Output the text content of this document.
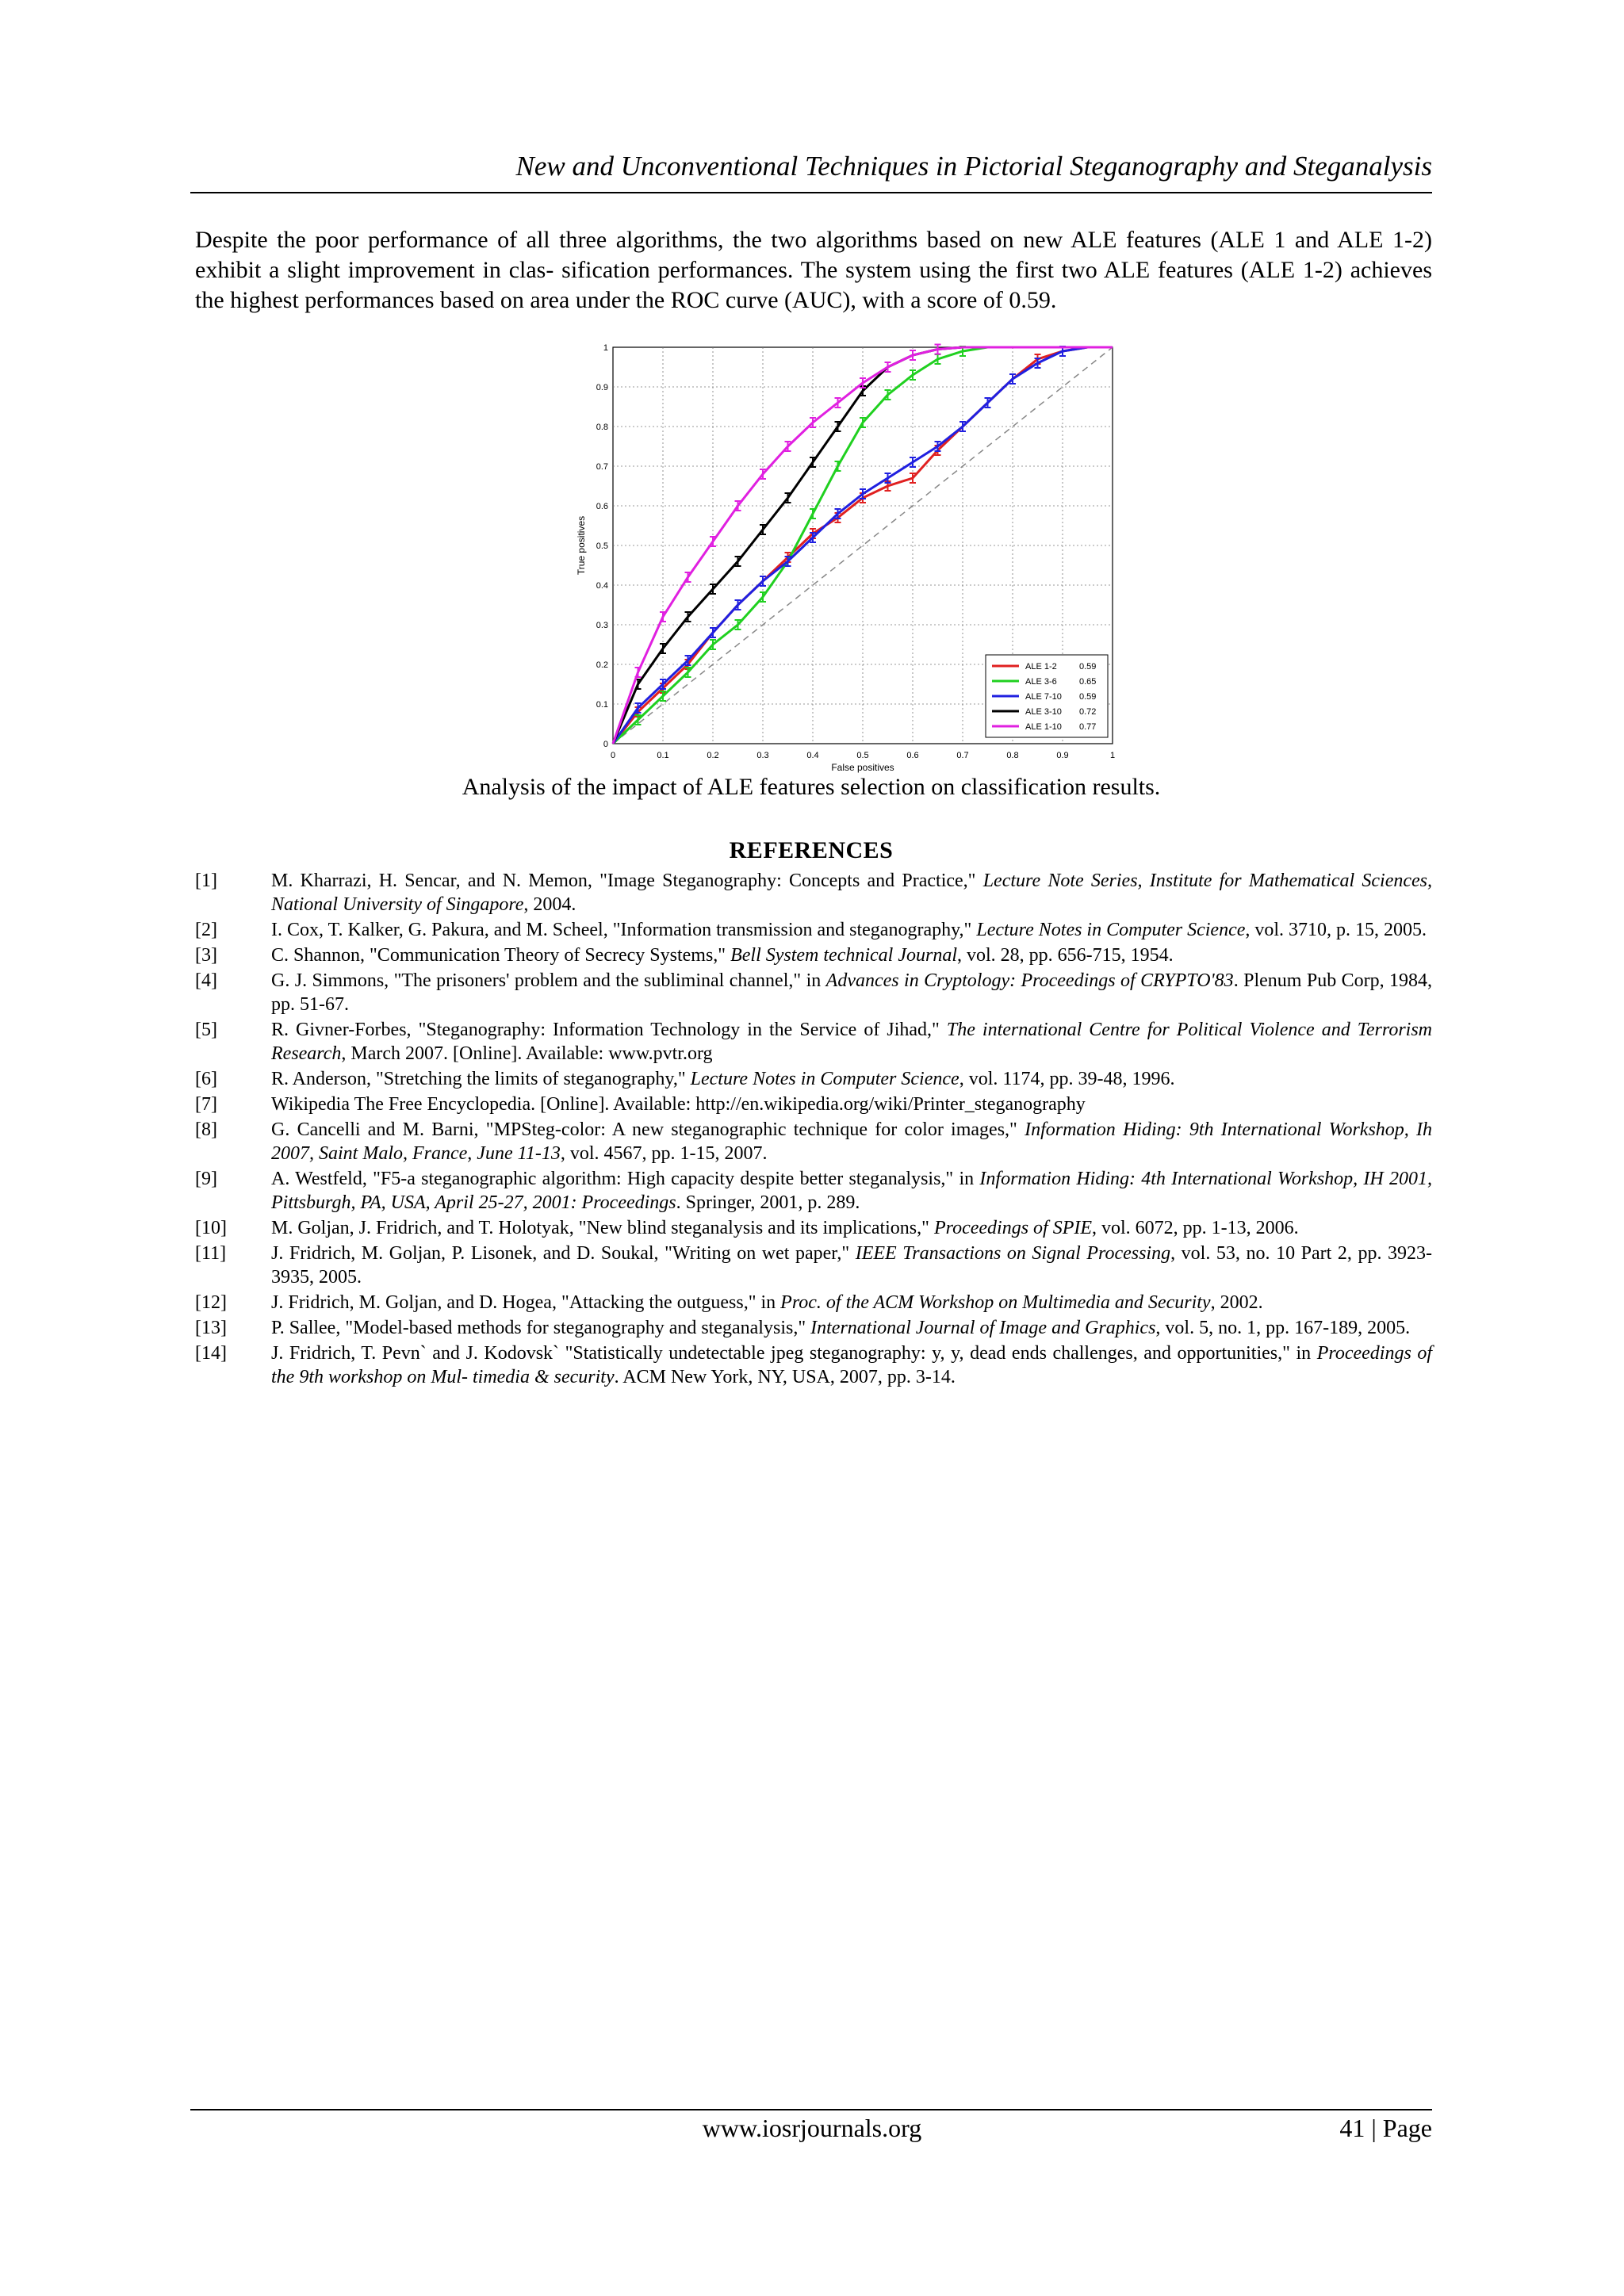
New and Unconventional Techniques in Pictorial Steganography and Steganalysis
Despite the poor performance of all three algorithms, the two algorithms based on new ALE features (ALE 1 and ALE 1-2) exhibit a slight improvement in clas- sification performances. The system using the first two ALE features (ALE 1-2) achieves the highest performances based on area under the ROC curve (AUC), with a score of 0.59.
0	0.1	0.2	0.3	0.4	0.5	0.6	0.7	0.8	0.9	1
0
0.1
0.2
0.3
0.4
0.5
0.6
0.7
0.8
0.9
1
False positives
True positives
ALE 1-2	0.59
ALE 3-6	0.65
ALE 7-10 0.59
ALE 3-10 0.72
ALE 1-10 0.77
Analysis of the impact of ALE features selection on classification results.
REFERENCES
[1]	M. Kharrazi, H. Sencar, and N. Memon, "Image Steganography: Concepts and Practice," Lecture Note Series, Institute for Mathematical Sciences, National University of Singapore, 2004.
[2]	I. Cox, T. Kalker, G. Pakura, and M. Scheel, "Information transmission and steganography," Lecture Notes in Computer Science, vol. 3710, p. 15, 2005.
[3]	C. Shannon, "Communication Theory of Secrecy Systems," Bell System technical Journal, vol. 28, pp. 656-715, 1954.
[4]	G. J. Simmons, "The prisoners' problem and the subliminal channel," in Advances in Cryptology: Proceedings of CRYPTO'83. Plenum Pub Corp, 1984, pp. 51-67.
[5]	R. Givner-Forbes, "Steganography: Information Technology in the Service of Jihad," The international Centre for Political Violence and Terrorism Research, March 2007. [Online]. Available: www.pvtr.org
[6]	R. Anderson, "Stretching the limits of steganography," Lecture Notes in Computer Science, vol. 1174, pp. 39-48, 1996.
[7]	Wikipedia The Free Encyclopedia. [Online]. Available: http://en.wikipedia.org/wiki/Printer_steganography
[8]	G. Cancelli and M. Barni, "MPSteg-color: A new steganographic technique for color images," Information Hiding: 9th International Workshop, Ih 2007, Saint Malo, France, June 11-13, vol. 4567, pp. 1-15, 2007.
[9]	A. Westfeld, "F5-a steganographic algorithm: High capacity despite better steganalysis," in Information Hiding: 4th International Workshop, IH 2001, Pittsburgh, PA, USA, April 25-27, 2001: Proceedings. Springer, 2001, p. 289.
[10]	M. Goljan, J. Fridrich, and T. Holotyak, "New blind steganalysis and its implications," Proceedings of SPIE, vol. 6072, pp. 1-13, 2006.
[11]	J. Fridrich, M. Goljan, P. Lisonek, and D. Soukal, "Writing on wet paper," IEEE Transactions on Signal Processing, vol. 53, no. 10 Part 2, pp. 3923-3935, 2005.
[12]	J. Fridrich, M. Goljan, and D. Hogea, "Attacking the outguess," in Proc. of the ACM Workshop on Multimedia and Security, 2002.
[13]	P. Sallee, "Model-based methods for steganography and steganalysis," International Journal of Image and Graphics, vol. 5, no. 1, pp. 167-189, 2005.
[14]	J. Fridrich, T. Pevn` and J. Kodovsk` "Statistically undetectable jpeg steganography: y, y, dead ends challenges, and opportunities," in Proceedings of the 9th workshop on Mul- timedia & security. ACM New York, NY, USA, 2007, pp. 3-14.
www.iosrjournals.org	41 | Page
